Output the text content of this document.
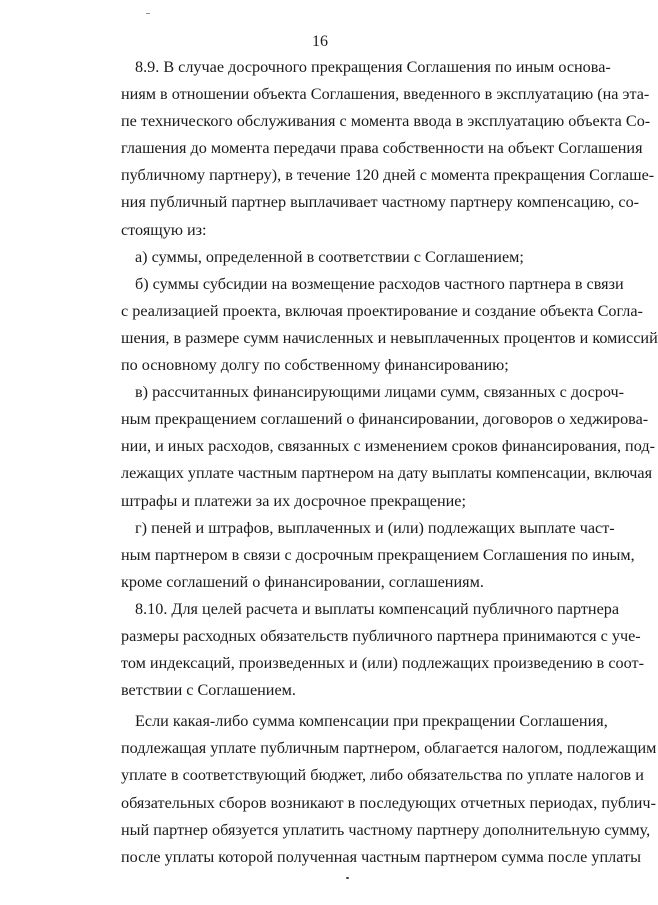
16
8.9. В случае досрочного прекращения Соглашения по иным основа-
ниям в отношении объекта Соглашения, введенного в эксплуатацию (на эта-
пе технического обслуживания с момента ввода в эксплуатацию объекта Со-
глашения до момента передачи права собственности на объект Соглашения
публичному партнеру), в течение 120 дней с момента прекращения Соглаше-
ния публичный партнер выплачивает частному партнеру компенсацию, со-
стоящую из:
а) суммы, определенной в соответствии с Соглашением;
б) суммы субсидии на возмещение расходов частного партнера в связи
с реализацией проекта, включая проектирование и создание объекта Согла-
шения, в размере сумм начисленных и невыплаченных процентов и комиссий
по основному долгу по собственному финансированию;
в) рассчитанных финансирующими лицами сумм, связанных с досроч-
ным прекращением соглашений о финансировании, договоров о хеджирова-
нии, и иных расходов, связанных с изменением сроков финансирования, под-
лежащих уплате частным партнером на дату выплаты компенсации, включая
штрафы и платежи за их досрочное прекращение;
г) пеней и штрафов, выплаченных и (или) подлежащих выплате част-
ным партнером в связи с досрочным прекращением Соглашения по иным,
кроме соглашений о финансировании, соглашениям.
8.10. Для целей расчета и выплаты компенсаций публичного партнера
размеры расходных обязательств публичного партнера принимаются с уче-
том индексаций, произведенных и (или) подлежащих произведению в соот-
ветствии с Соглашением.
Если какая-либо сумма компенсации при прекращении Соглашения,
подлежащая уплате публичным партнером, облагается налогом, подлежащим
уплате в соответствующий бюджет, либо обязательства по уплате налогов и
обязательных сборов возникают в последующих отчетных периодах, публич-
ный партнер обязуется уплатить частному партнеру дополнительную сумму,
после уплаты которой полученная частным партнером сумма после уплаты
